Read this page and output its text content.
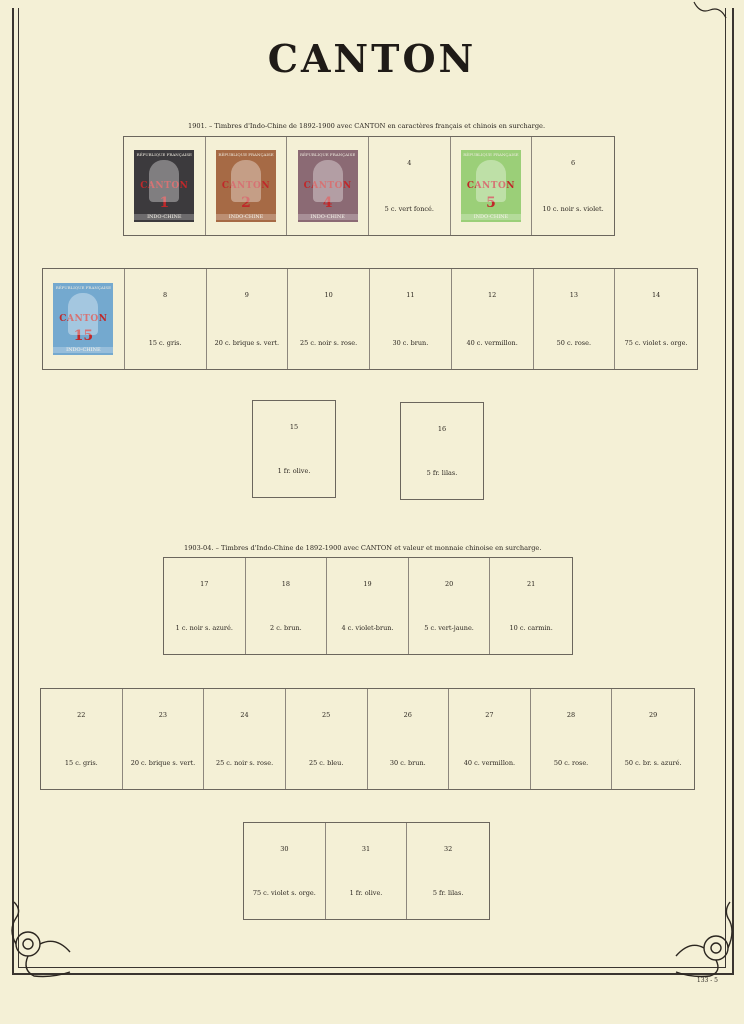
CANTON
1901. – Timbres d'Indo-Chine de 1892-1900 avec CANTON en caractères français et chinois en surcharge.
RÉPUBLIQUE FRANÇAISE
CANTON
1
INDO-CHINE
RÉPUBLIQUE FRANÇAISE
CANTON
2
INDO-CHINE
RÉPUBLIQUE FRANÇAISE
CANTON
4
INDO-CHINE
4
5 c. vert foncé.
RÉPUBLIQUE FRANÇAISE
CANTON
5
INDO-CHINE
6
10 c. noir s. violet.
RÉPUBLIQUE FRANÇAISE
CANTON
15
INDO-CHINE
8
15 c. gris.
9
20 c. brique s. vert.
10
25 c. noir s. rose.
11
30 c. brun.
12
40 c. vermillon.
13
50 c. rose.
14
75 c. violet s. orge.
15
1 fr. olive.
16
5 fr. lilas.
1903-04. – Timbres d'Indo-Chine de 1892-1900 avec CANTON et valeur et monnaie chinoise en surcharge.
17
1 c. noir s. azuré.
18
2 c. brun.
19
4 c. violet-brun.
20
5 c. vert-jaune.
21
10 c. carmin.
22
15 c. gris.
23
20 c. brique s. vert.
24
25 c. noir s. rose.
25
25 c. bleu.
26
30 c. brun.
27
40 c. vermillon.
28
50 c. rose.
29
50 c. br. s. azuré.
30
75 c. violet s. orge.
31
1 fr. olive.
32
5 fr. lilas.
133 - 5
